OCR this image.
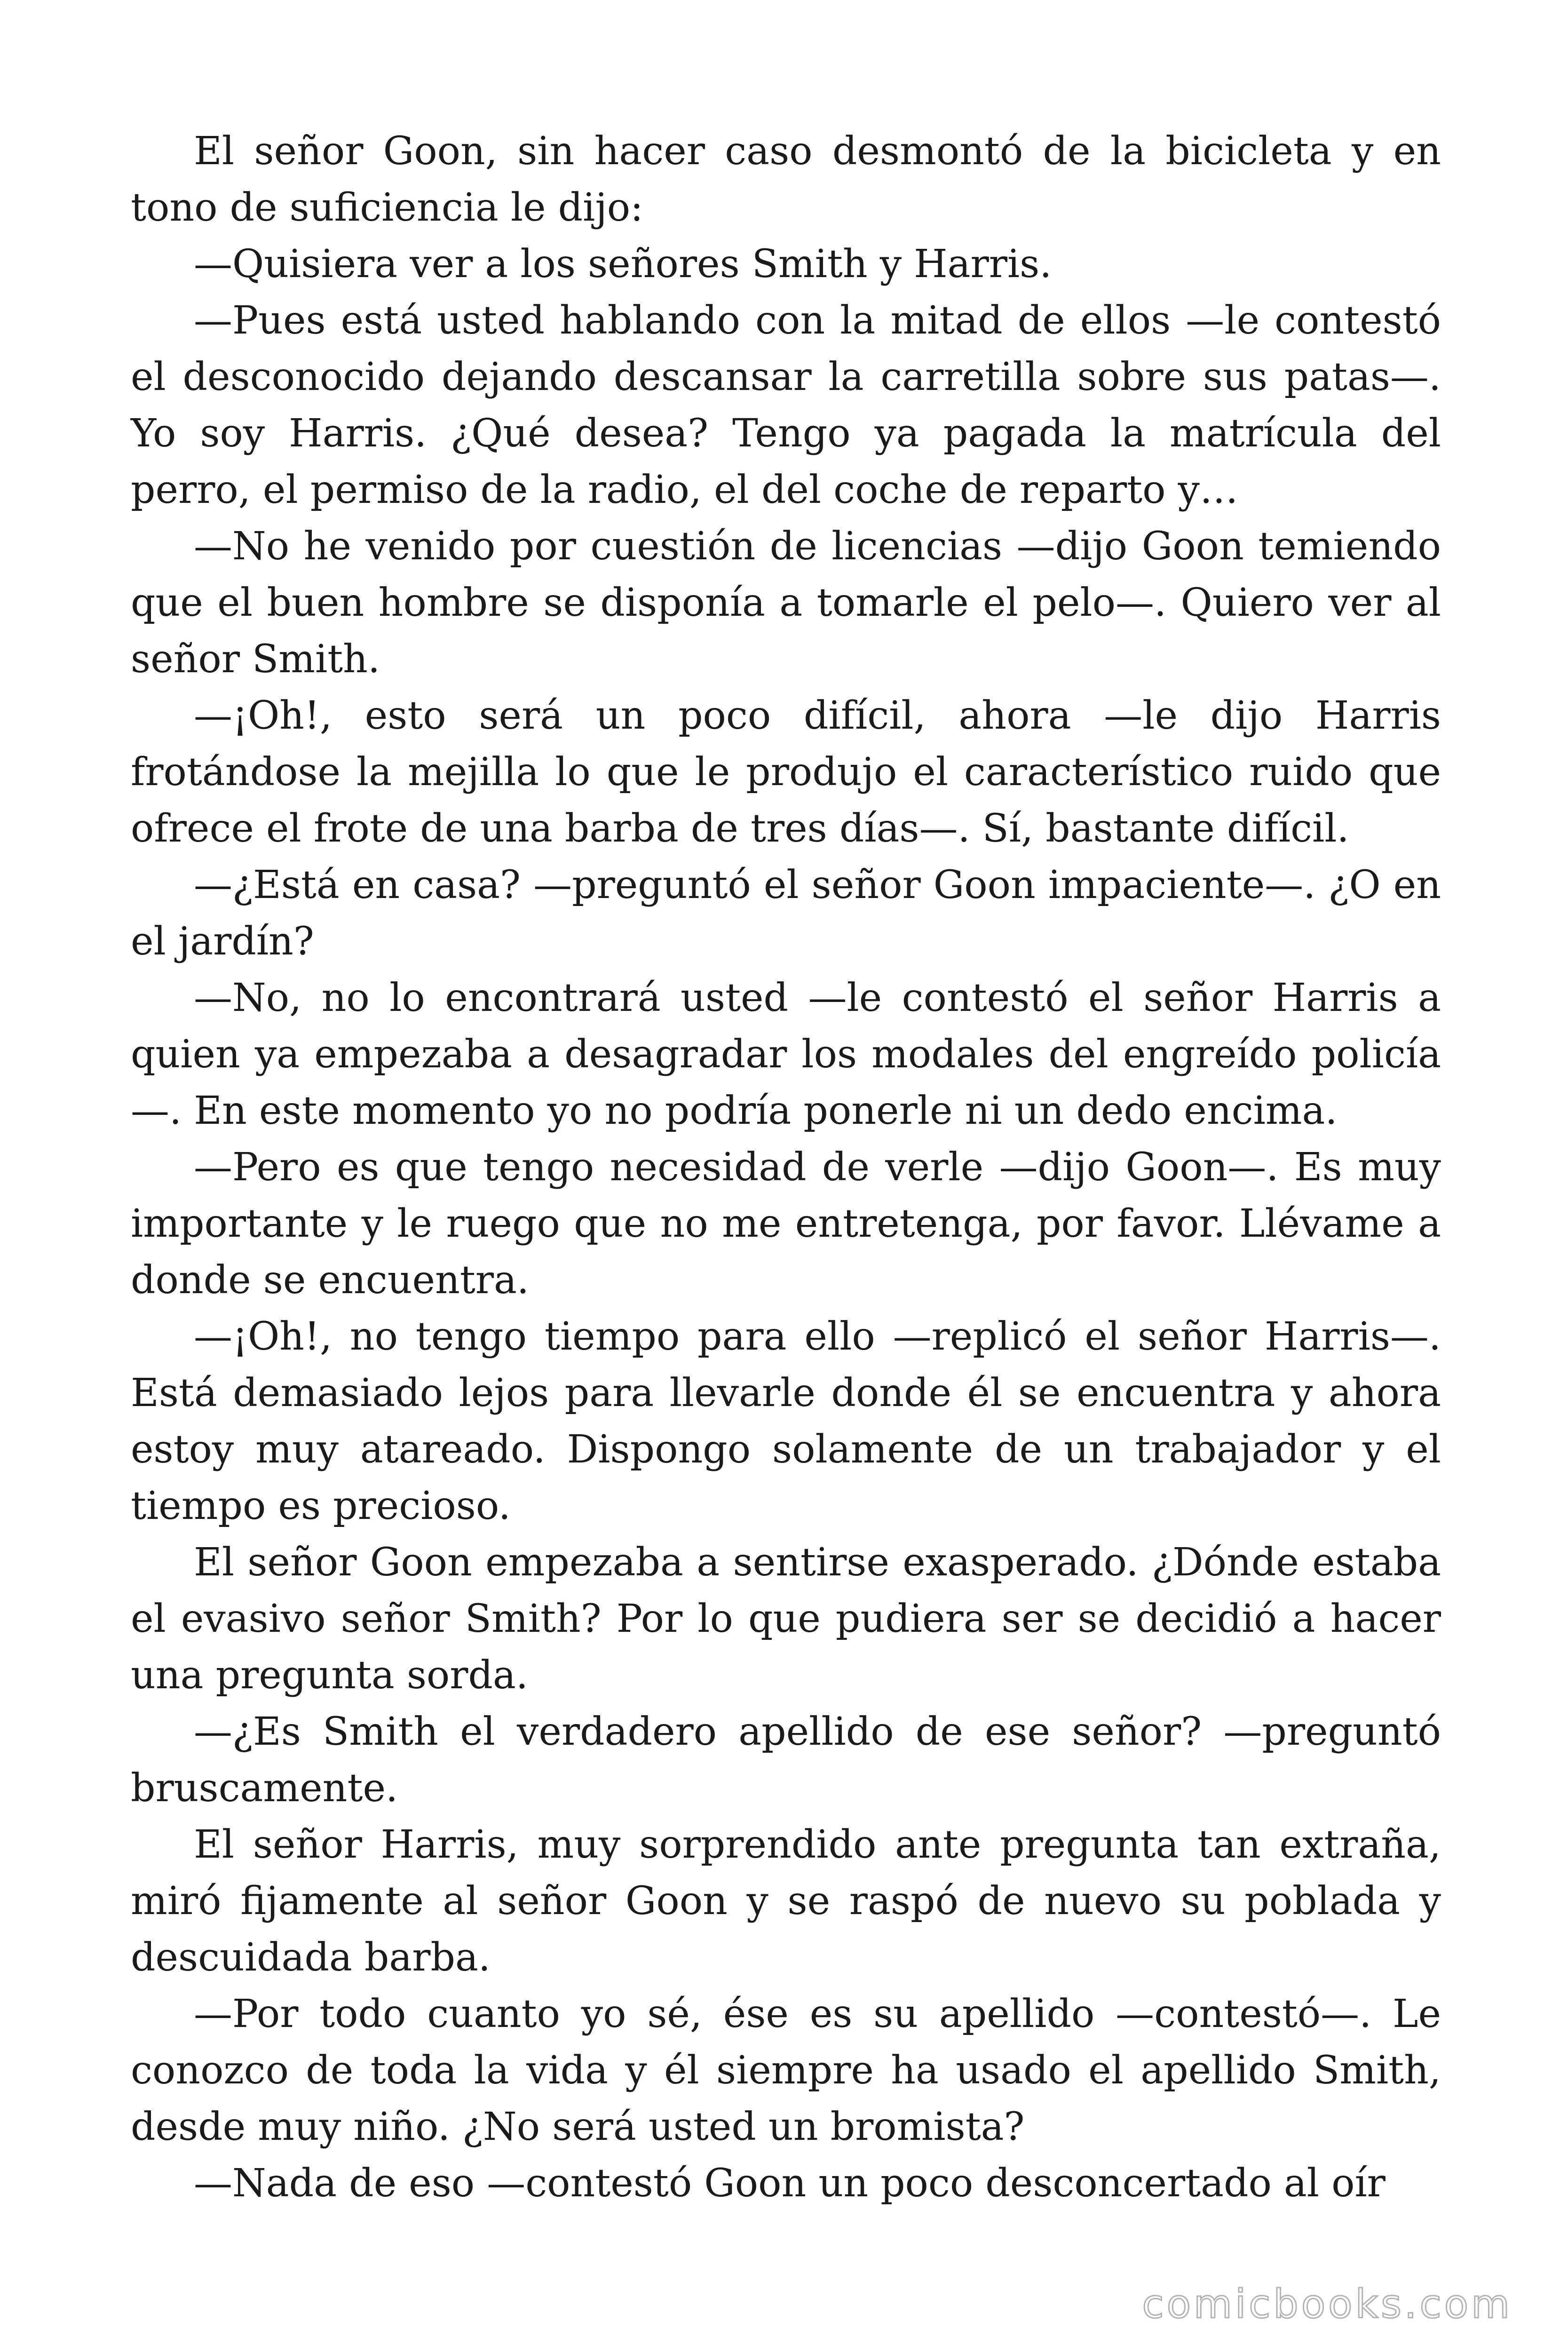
El señor Goon, sin hacer caso desmontó de la bicicleta y en tono de suficiencia le dijo:

—Quisiera ver a los señores Smith y Harris.

—Pues está usted hablando con la mitad de ellos —le contestó el desconocido dejando descansar la carretilla sobre sus patas—. Yo soy Harris. ¿Qué desea? Tengo ya pagada la matrícula del perro, el permiso de la radio, el del coche de reparto y…

—No he venido por cuestión de licencias —dijo Goon temiendo que el buen hombre se disponía a tomarle el pelo—. Quiero ver al señor Smith.

—¡Oh!, esto será un poco difícil, ahora —le dijo Harris frotándose la mejilla lo que le produjo el característico ruido que ofrece el frote de una barba de tres días—. Sí, bastante difícil.

—¿Está en casa? —preguntó el señor Goon impaciente—. ¿O en el jardín?

—No, no lo encontrará usted —le contestó el señor Harris a quien ya empezaba a desagradar los modales del engreído policía—. En este momento yo no podría ponerle ni un dedo encima.

—Pero es que tengo necesidad de verle —dijo Goon—. Es muy importante y le ruego que no me entretenga, por favor. Llévame a donde se encuentra.

—¡Oh!, no tengo tiempo para ello —replicó el señor Harris—. Está demasiado lejos para llevarle donde él se encuentra y ahora estoy muy atareado. Dispongo solamente de un trabajador y el tiempo es precioso.

El señor Goon empezaba a sentirse exasperado. ¿Dónde estaba el evasivo señor Smith? Por lo que pudiera ser se decidió a hacer una pregunta sorda.

—¿Es Smith el verdadero apellido de ese señor? —preguntó bruscamente.

El señor Harris, muy sorprendido ante pregunta tan extraña, miró fijamente al señor Goon y se raspó de nuevo su poblada y descuidada barba.

—Por todo cuanto yo sé, ése es su apellido —contestó—. Le conozco de toda la vida y él siempre ha usado el apellido Smith, desde muy niño. ¿No será usted un bromista?

—Nada de eso —contestó Goon un poco desconcertado al oír

comicbooks.com
